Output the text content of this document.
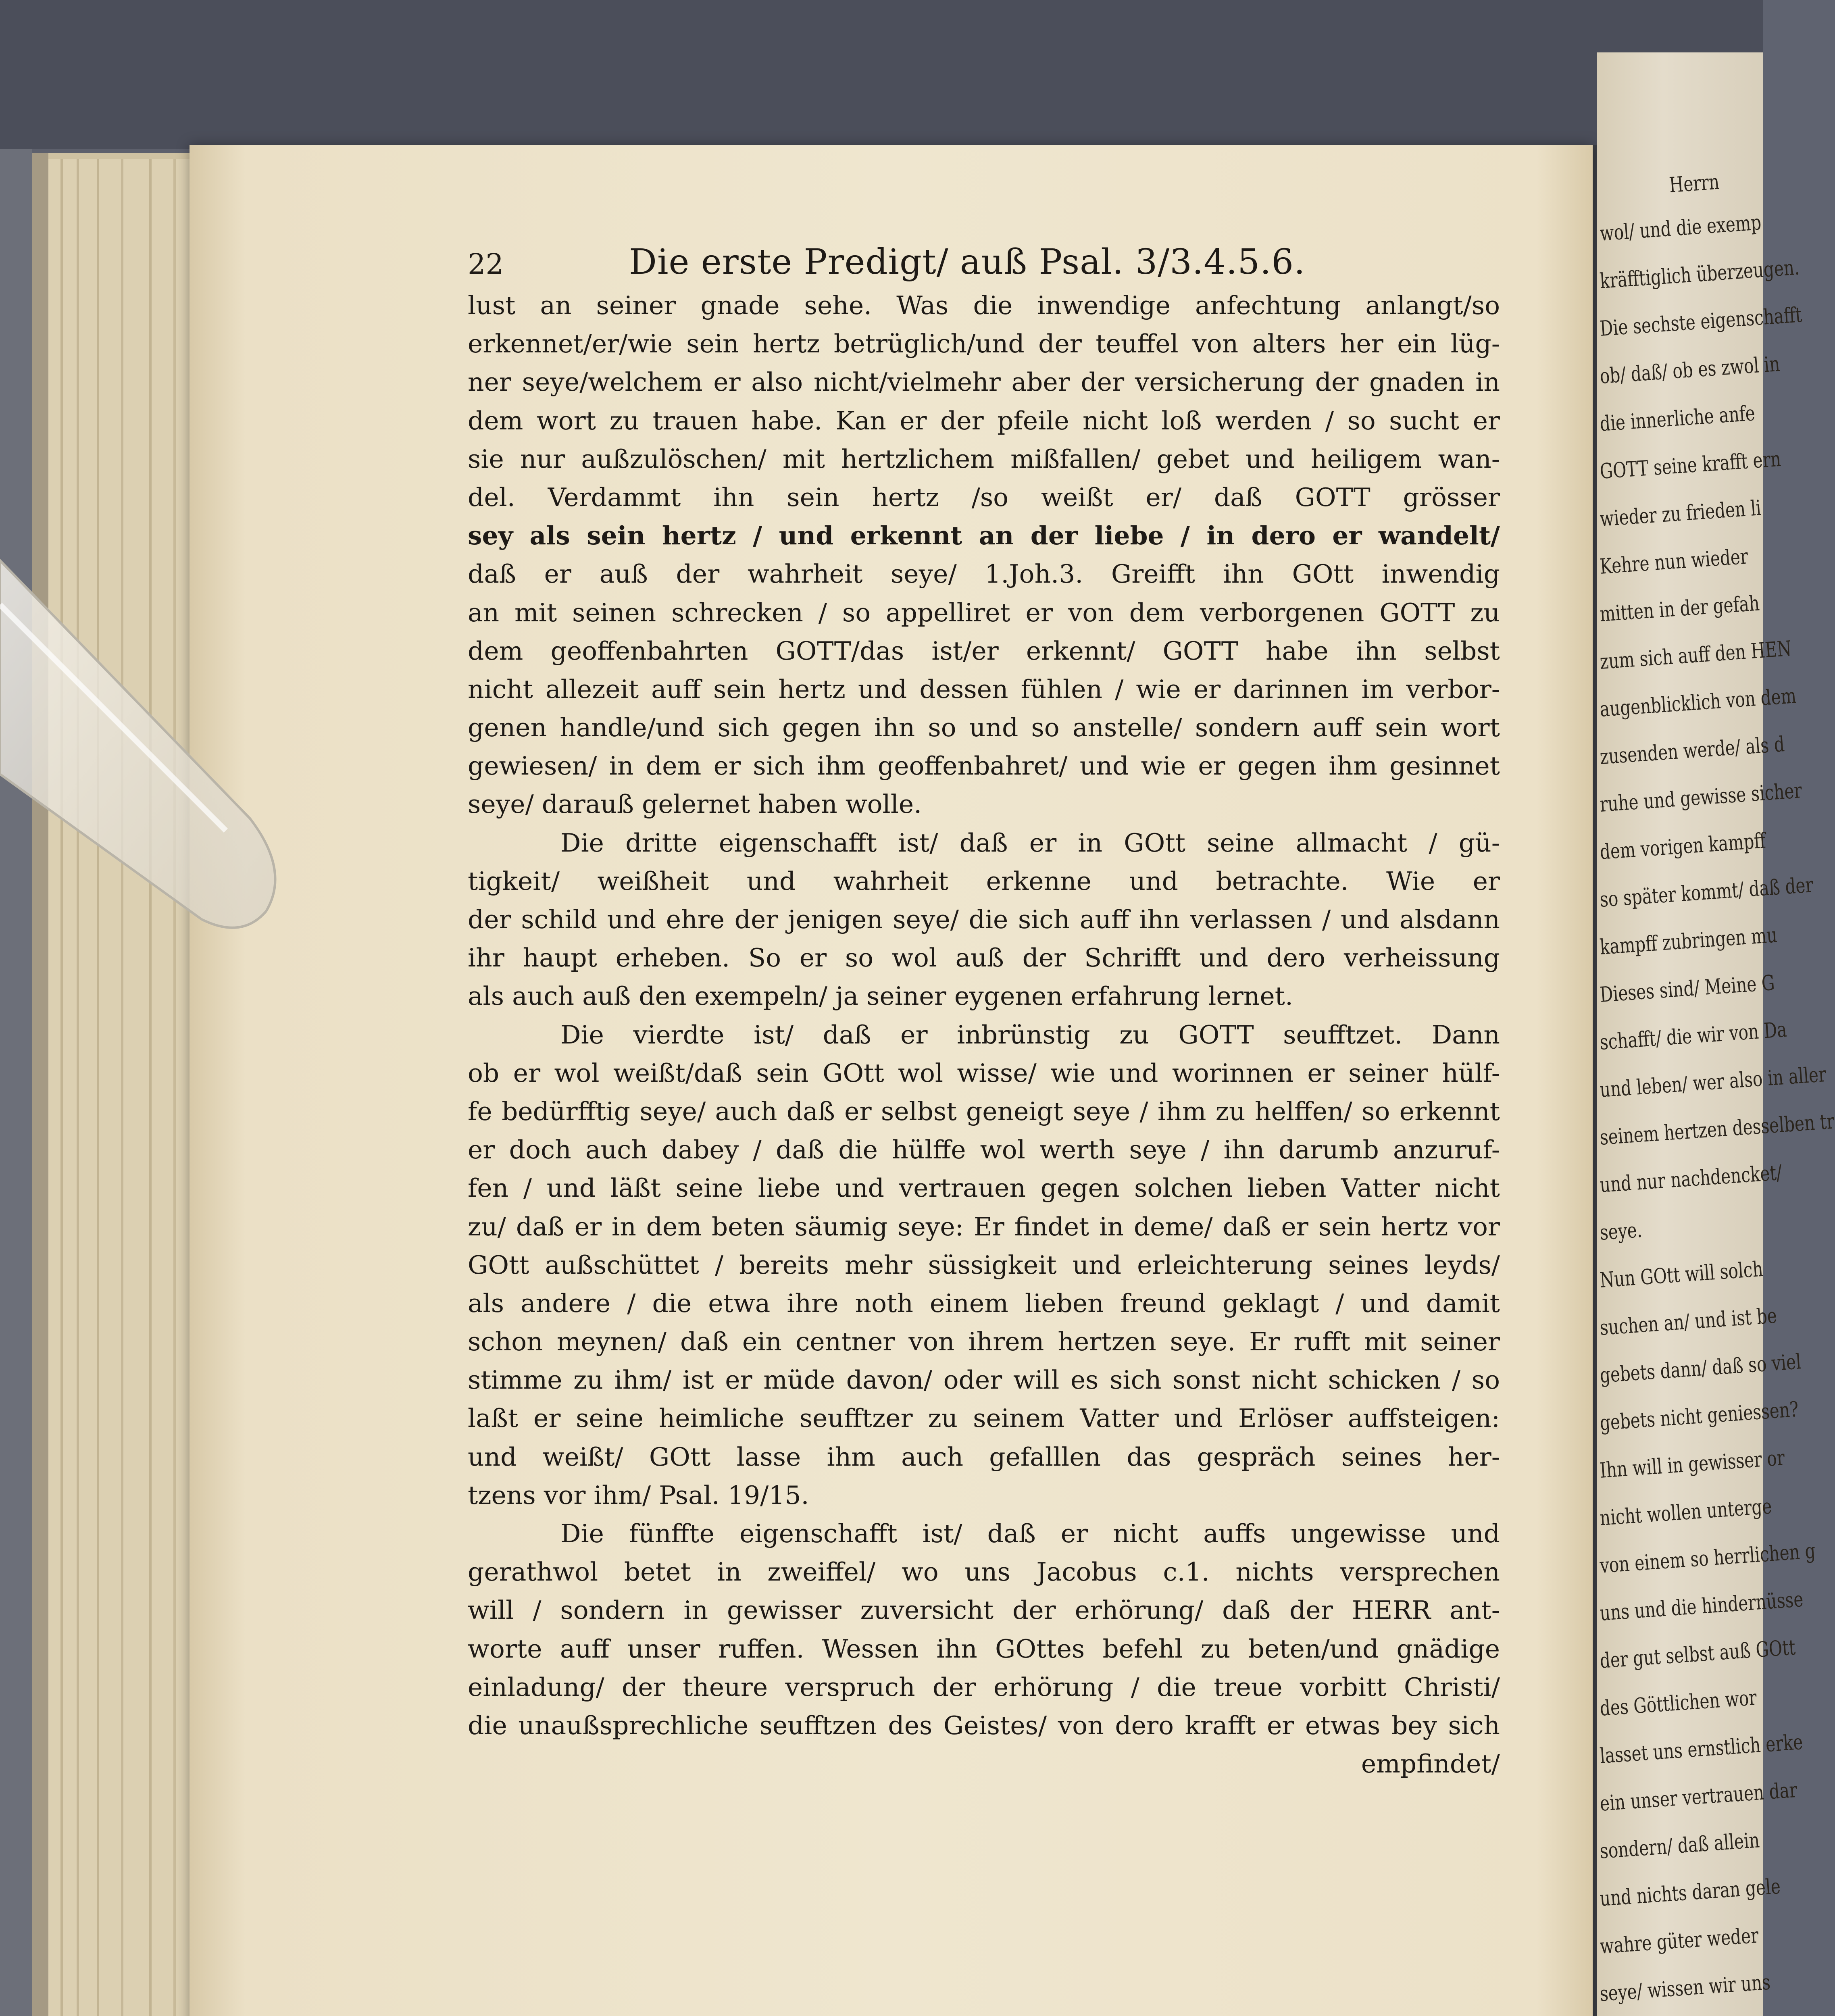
22	Die erste Predigt/ auß Psal. 3/3.4.5.6.
lust an seiner gnade sehe. Was die inwendige anfechtung anlangt/so
erkennet/er/wie sein hertz betrüglich/und der teuffel von alters her ein lüg-
ner seye/welchem er also nicht/vielmehr aber der versicherung der gnaden in
dem wort zu trauen habe. Kan er der pfeile nicht loß werden / so sucht er
sie nur außzulöschen/ mit hertzlichem mißfallen/ gebet und heiligem wan-
del. Verdammt ihn sein hertz /so weißt er/ daß GOTT grösser
sey als sein hertz / und erkennt an der liebe / in dero er wandelt/
daß er auß der wahrheit seye/ 1.Joh.3. Greifft ihn GOtt inwendig
an mit seinen schrecken / so appelliret er von dem verborgenen GOTT zu
dem geoffenbahrten GOTT/das ist/er erkennt/ GOTT habe ihn selbst
nicht allezeit auff sein hertz und dessen fühlen / wie er darinnen im verbor-
genen handle/und sich gegen ihn so und so anstelle/ sondern auff sein wort
gewiesen/ in dem er sich ihm geoffenbahret/ und wie er gegen ihm gesinnet
seye/ darauß gelernet haben wolle.
Die dritte eigenschafft ist/ daß er in GOtt seine allmacht / gü-
tigkeit/ weißheit und wahrheit erkenne und betrachte. Wie er
der schild und ehre der jenigen seye/ die sich auff ihn verlassen / und alsdann
ihr haupt erheben. So er so wol auß der Schrifft und dero verheissung
als auch auß den exempeln/ ja seiner eygenen erfahrung lernet.
Die vierdte ist/ daß er inbrünstig zu GOTT seufftzet. Dann
ob er wol weißt/daß sein GOtt wol wisse/ wie und worinnen er seiner hülf-
fe bedürfftig seye/ auch daß er selbst geneigt seye / ihm zu helffen/ so erkennt
er doch auch dabey / daß die hülffe wol werth seye / ihn darumb anzuruf-
fen / und läßt seine liebe und vertrauen gegen solchen lieben Vatter nicht
zu/ daß er in dem beten säumig seye: Er findet in deme/ daß er sein hertz vor
GOtt außschüttet / bereits mehr süssigkeit und erleichterung seines leyds/
als andere / die etwa ihre noth einem lieben freund geklagt / und damit
schon meynen/ daß ein centner von ihrem hertzen seye. Er rufft mit seiner
stimme zu ihm/ ist er müde davon/ oder will es sich sonst nicht schicken / so
laßt er seine heimliche seufftzer zu seinem Vatter und Erlöser auffsteigen:
und weißt/ GOtt lasse ihm auch gefalllen das gespräch seines her-
tzens vor ihm/ Psal. 19/15.
Die fünffte eigenschafft ist/ daß er nicht auffs ungewisse und
gerathwol betet in zweiffel/ wo uns Jacobus c.1. nichts versprechen
will / sondern in gewisser zuversicht der erhörung/ daß der HERR ant-
worte auff unser ruffen. Wessen ihn GOttes befehl zu beten/und gnädige
einladung/ der theure verspruch der erhörung / die treue vorbitt Christi/
die unaußsprechliche seufftzen des Geistes/ von dero krafft er etwas bey sich
empfindet/
Herrn
wol/ und die exemp
kräfftiglich überzeugen.
Die sechste eigenschafft
ob/ daß/ ob es zwol in
die innerliche anfe
GOTT seine krafft ern
wieder zu frieden li
Kehre nun wieder
mitten in der gefah
zum sich auff den HEN
augenblicklich von dem
zusenden werde/ als d
ruhe und gewisse sicher
dem vorigen kampff
so später kommt/ daß der
kampff zubringen mu
Dieses sind/ Meine G
schafft/ die wir von Da
und leben/ wer also in aller
seinem hertzen desselben tr
und nur nachdencket/
seye.
Nun GOtt will solch
suchen an/ und ist be
gebets dann/ daß so viel
gebets nicht geniessen?
Ihn will in gewisser or
nicht wollen unterge
von einem so herrlichen g
uns und die hindernüsse
der gut selbst auß GOtt
des Göttlichen wor
lasset uns ernstlich erke
ein unser vertrauen dar
sondern/ daß allein
und nichts daran gele
wahre güter weder
seye/ wissen wir uns
